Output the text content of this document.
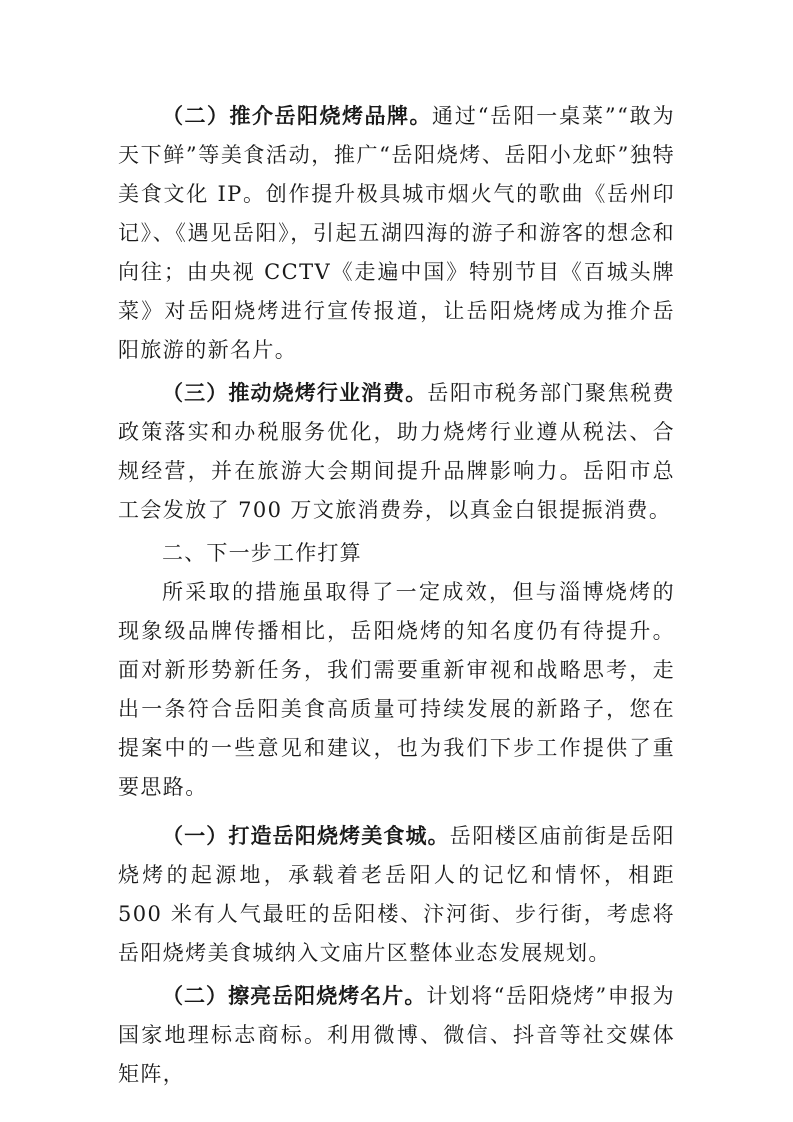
（二）推介岳阳烧烤品牌。通过“岳阳一桌菜”“敢为天下鲜”等美食活动，推广“岳阳烧烤、岳阳小龙虾”独特美食文化 IP。创作提升极具城市烟火气的歌曲《岳州印记》、《遇见岳阳》，引起五湖四海的游子和游客的想念和向往；由央视 CCTV《走遍中国》特别节目《百城头牌菜》对岳阳烧烤进行宣传报道，让岳阳烧烤成为推介岳阳旅游的新名片。

（三）推动烧烤行业消费。岳阳市税务部门聚焦税费政策落实和办税服务优化，助力烧烤行业遵从税法、合规经营，并在旅游大会期间提升品牌影响力。岳阳市总工会发放了 700 万文旅消费券，以真金白银提振消费。

二、下一步工作打算

所采取的措施虽取得了一定成效，但与淄博烧烤的现象级品牌传播相比，岳阳烧烤的知名度仍有待提升。面对新形势新任务，我们需要重新审视和战略思考，走出一条符合岳阳美食高质量可持续发展的新路子，您在提案中的一些意见和建议，也为我们下步工作提供了重要思路。

（一）打造岳阳烧烤美食城。岳阳楼区庙前街是岳阳烧烤的起源地，承载着老岳阳人的记忆和情怀，相距 500 米有人气最旺的岳阳楼、汴河街、步行街，考虑将岳阳烧烤美食城纳入文庙片区整体业态发展规划。

（二）擦亮岳阳烧烤名片。计划将“岳阳烧烤”申报为国家地理标志商标。利用微博、微信、抖音等社交媒体矩阵，
